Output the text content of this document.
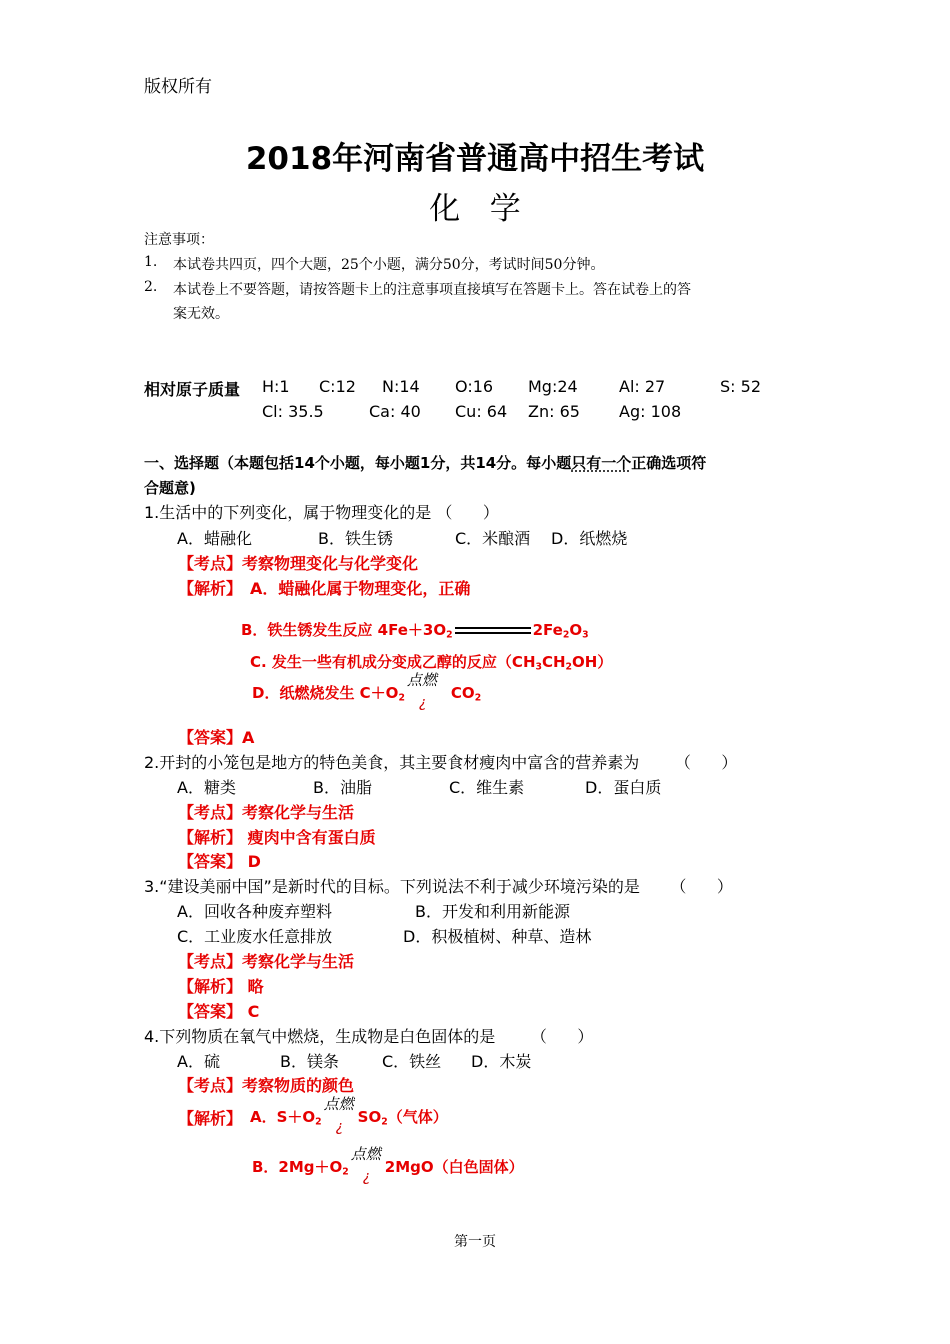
版权所有
2018年河南省普通高中招生考试
化   学
注意事项：
1. 本试卷共四页，四个大题，25个小题，满分50分，考试时间50分钟。
2. 本试卷上不要答题，请按答题卡上的注意事项直接填写在答题卡上。答在试卷上的答
案无效。
相对原子质量 H:1 C:12 N:14 O:16 Mg:24	Al: 27	S: 52
Cl: 35.5	Ca: 40 Cu: 64 Zn: 65 Ag: 108
一、选择题（本题包括14个小题，每小题1分，共14分。每小题只有一个正确选项符
合题意)
1.生活中的下列变化，属于物理变化的是 （      ）
A．蜡融化	B．铁生锈	C．米酿酒 D．纸燃烧
【考点】考察物理变化与化学变化
【解析】 A．蜡融化属于物理变化，正确
B．铁生锈发生反应 $4Fe+3O_2$	$2Fe_2O_3$
C. 发生一些有机成分变成乙醇的反应$(CH_3CH_2OH)$
D．纸燃烧发生 $C+O_2$
点燃
¿
$CO_2$
【答案】A
2.开封的小笼包是地方的特色美食，其主要食材瘦肉中富含的营养素为       （      ）
A．糖类	B．油脂	C．维生素	D．蛋白质
【考点】考察化学与生活
【解析】 瘦肉中含有蛋白质
【答案】 D
3.“建设美丽中国”是新时代的目标。下列说法不利于减少环境污染的是      （      ）
A．回收各种废弃塑料	B．开发和利用新能源
C．工业废水任意排放	D．积极植树、种草、造林
【考点】考察化学与生活
【解析】 略
【答案】 C
4.下列物质在氧气中燃烧，生成物是白色固体的是       （      ）
A．硫	B．镁条	C．铁丝 D．木炭
【考点】考察物质的颜色
【解析】 A．$S+O_2$
点燃
¿
$SO_2$（气体）
B．$2Mg+O_2$
点燃
¿
2MgO（白色固体）
第一页
